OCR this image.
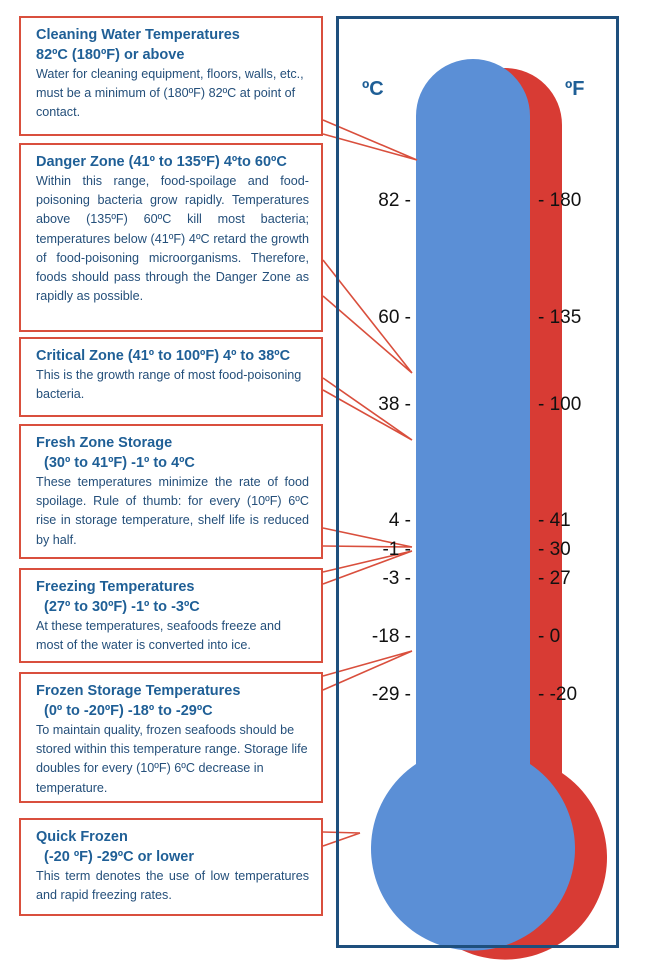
ºC	ºF
82 -
60 -
38 -
4 -
-1 -
-3 -
-18 -
-29 -
- 180
- 135
- 100
- 41
- 30
- 27
- 0
- -20
Cleaning Water Temperatures
82ºC (180ºF) or above
Water for cleaning equipment, floors, walls, etc., must be a minimum of (180ºF) 82ºC at point of contact.
Danger Zone (41º to 135ºF) 4ºto 60ºC
Within this range, food-spoilage and food-poisoning bacteria grow rapidly. Temperatures above (135ºF) 60ºC kill most bacteria; temperatures below (41ºF) 4ºC retard the growth of food-poisoning microorganisms. Therefore, foods should pass through the Danger Zone as rapidly as possible.
Critical Zone (41º to 100ºF) 4º to 38ºC
This is the growth range of most food-poisoning bacteria.
Fresh Zone Storage
(30º to 41ºF) -1º to 4ºC
These temperatures minimize the rate of food spoilage. Rule of thumb: for every (10ºF) 6ºC rise in storage temperature, shelf life is reduced by half.
Freezing Temperatures
(27º to 30ºF) -1º to -3ºC
At these temperatures, seafoods freeze and most of the water is converted into ice.
Frozen Storage Temperatures
(0º to -20ºF) -18º to -29ºC
To maintain quality, frozen seafoods should be stored within this temperature range. Storage life doubles for every (10ºF) 6ºC decrease in temperature.
Quick Frozen
(-20 ºF) -29ºC or lower
This term denotes the use of low temperatures and rapid freezing rates.
